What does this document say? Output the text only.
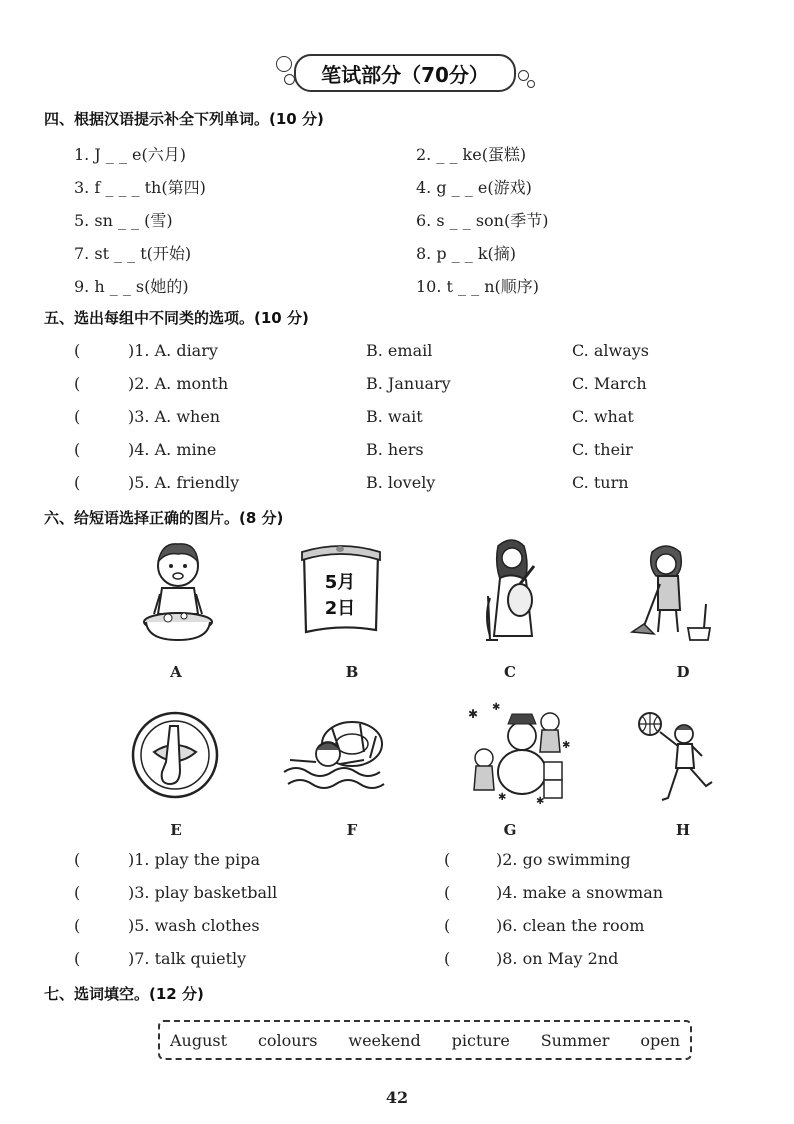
笔试部分（70分）
四、根据汉语提示补全下列单词。(10 分)
1. J _ _ e(六月)	2. _ _ ke(蛋糕)
3. f _ _ _ th(第四)	4. g _ _ e(游戏)
5. sn _ _ (雪)	6. s _ _ son(季节)
7. st _ _ t(开始)	8. p _ _ k(摘)
9. h _ _ s(她的)	10. t _ _ n(顺序)
五、选出每组中不同类的选项。(10 分)
(	)1. A. diary	B. email	C. always
(	)2. A. month	B. January	C. March
(	)3. A. when	B. wait	C. what
(	)4. A. mine	B. hers	C. their
(	)5. A. friendly	B. lovely	C. turn
六、给短语选择正确的图片。(8 分)
5月
2日
A	B	C	D
✱ ✱
✱
✱	✱
E	F	G	H
(	)1. play the pipa	(	)2. go swimming
(	)3. play basketball	(	)4. make a snowman
(	)5. wash clothes	(	)6. clean the room
(	)7. talk quietly	(	)8. on May 2nd
七、选词填空。(12 分)
August colours weekend picture Summer open
42
